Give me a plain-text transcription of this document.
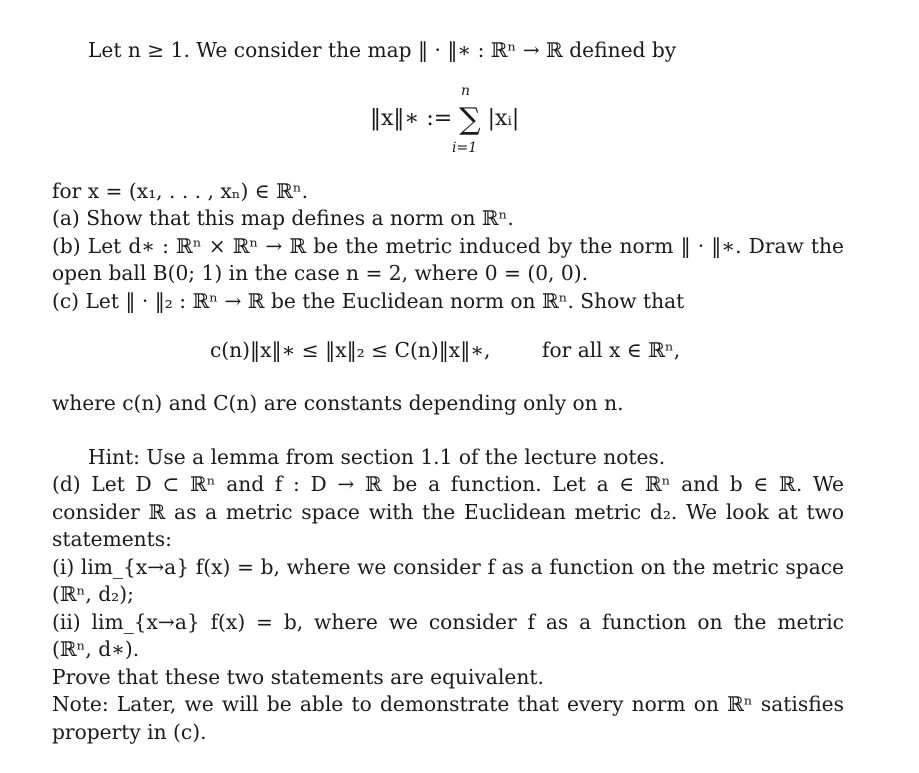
Let n ≥ 1. We consider the map ‖ · ‖∗ : ℝⁿ → ℝ defined by
n
‖x‖∗ := ∑ |xᵢ|
i=1
for x = (x₁, . . . , xₙ) ∈ ℝⁿ.
(a) Show that this map defines a norm on ℝⁿ.
(b) Let d∗ : ℝⁿ × ℝⁿ → ℝ be the metric induced by the norm ‖ · ‖∗. Draw the
open ball B(0; 1) in the case n = 2, where 0 = (0, 0).
(c) Let ‖ · ‖₂ : ℝⁿ → ℝ be the Euclidean norm on ℝⁿ. Show that
c(n)‖x‖∗ ≤ ‖x‖₂ ≤ C(n)‖x‖∗,	for all x ∈ ℝⁿ,
where c(n) and C(n) are constants depending only on n.
Hint: Use a lemma from section 1.1 of the lecture notes.
(d) Let D ⊂ ℝⁿ and f : D → ℝ be a function. Let a ∈ ℝⁿ and b ∈ ℝ. We
consider ℝ as a metric space with the Euclidean metric d₂. We look at two
statements:
(i) lim_{x→a} f(x) = b, where we consider f as a function on the metric space
(ℝⁿ, d₂);
(ii) lim_{x→a} f(x) = b, where we consider f as a function on the metric
(ℝⁿ, d∗).
Prove that these two statements are equivalent.
Note: Later, we will be able to demonstrate that every norm on ℝⁿ satisfies
property in (c).
